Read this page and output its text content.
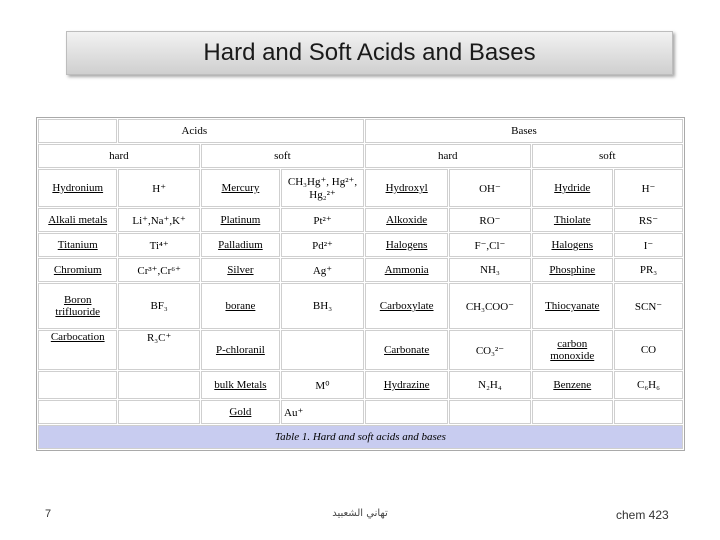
Hard and Soft Acids and Bases
	Acids			Bases			
hard		soft		hard		soft	
Hydronium	H⁺	Mercury	CH₃Hg⁺, Hg²⁺, Hg₂²⁺	Hydroxyl	OH⁻	Hydride	H⁻
Alkali metals	Li⁺,Na⁺,K⁺	Platinum	Pt²⁺	Alkoxide	RO⁻	Thiolate	RS⁻
Titanium	Ti⁴⁺	Palladium	Pd²⁺	Halogens	F⁻,Cl⁻	Halogens	I⁻
Chromium	Cr³⁺,Cr⁶⁺	Silver	Ag⁺	Ammonia	NH₃	Phosphine	PR₃
Boron trifluoride	BF₃	borane	BH₃	Carboxylate	CH₃COO⁻	Thiocyanate	SCN⁻
Carbocation	R₃C⁺	P-chloranil		Carbonate	CO₃²⁻	carbon monoxide	CO
		bulk Metals	M⁰	Hydrazine	N₂H₄	Benzene	C₆H₆
		Gold	Au⁺				
Table 1. Hard and soft acids and bases							
7	تهاني الشعبيد	chem 423
